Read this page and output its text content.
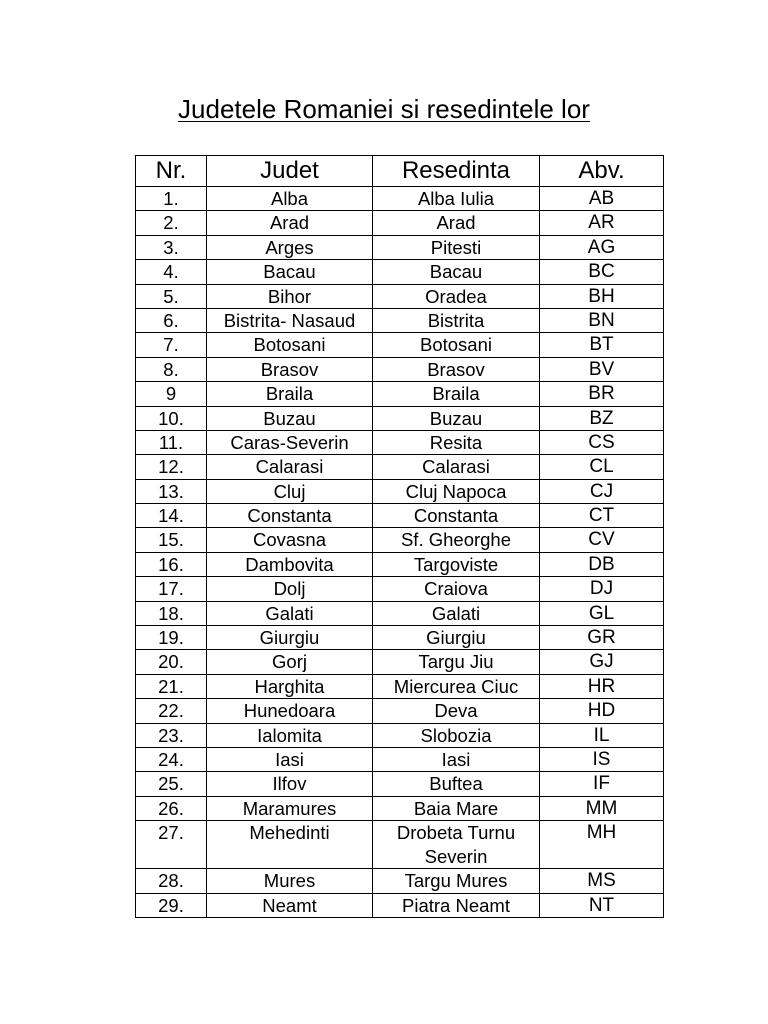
Judetele Romaniei si resedintele lor
Nr.	Judet	Resedinta	Abv.
1.	Alba	Alba Iulia	AB
2.	Arad	Arad	AR
3.	Arges	Pitesti	AG
4.	Bacau	Bacau	BC
5.	Bihor	Oradea	BH
6.	Bistrita- Nasaud	Bistrita	BN
7.	Botosani	Botosani	BT
8.	Brasov	Brasov	BV
9	Braila	Braila	BR
10.	Buzau	Buzau	BZ
11.	Caras-Severin	Resita	CS
12.	Calarasi	Calarasi	CL
13.	Cluj	Cluj Napoca	CJ
14.	Constanta	Constanta	CT
15.	Covasna	Sf. Gheorghe	CV
16.	Dambovita	Targoviste	DB
17.	Dolj	Craiova	DJ
18.	Galati	Galati	GL
19.	Giurgiu	Giurgiu	GR
20.	Gorj	Targu Jiu	GJ
21.	Harghita	Miercurea Ciuc	HR
22.	Hunedoara	Deva	HD
23.	Ialomita	Slobozia	IL
24.	Iasi	Iasi	IS
25.	Ilfov	Buftea	IF
26.	Maramures	Baia Mare	MM
27.	Mehedinti	Drobeta Turnu Severin	MH
28.	Mures	Targu Mures	MS
29.	Neamt	Piatra Neamt	NT
